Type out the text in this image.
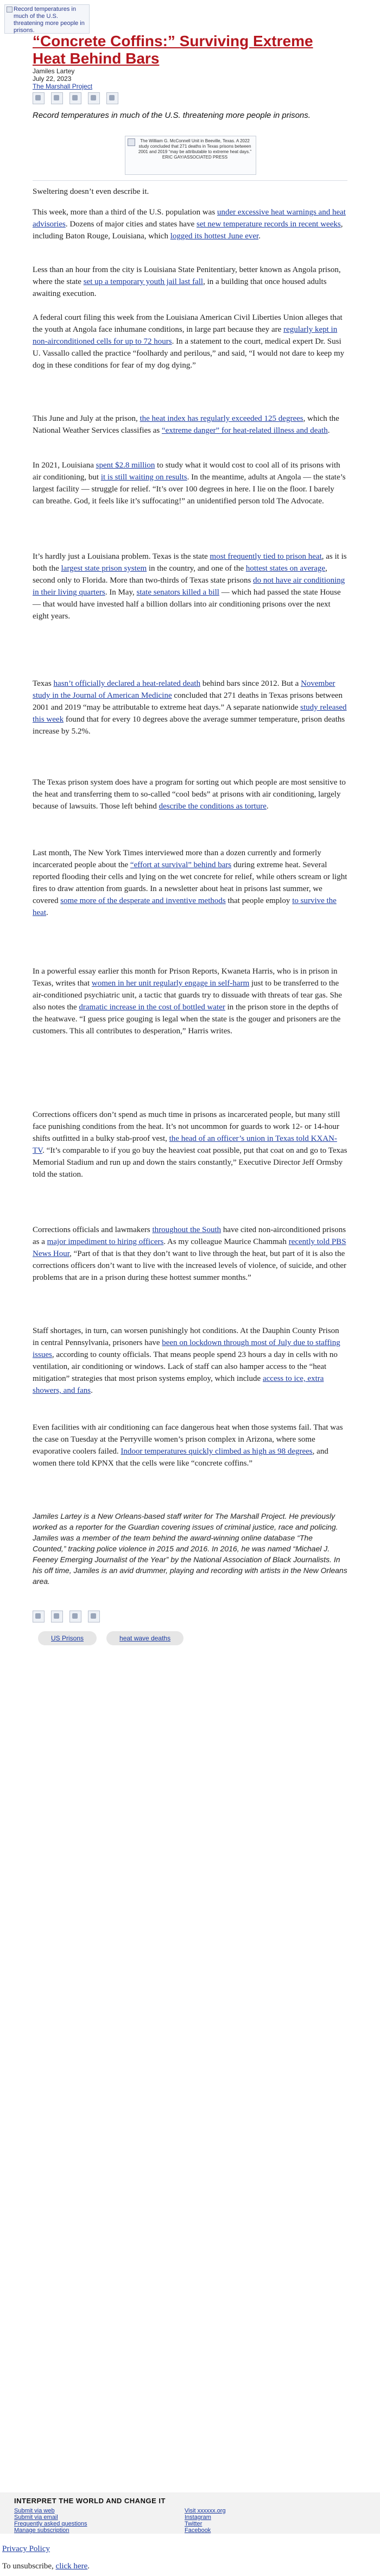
Record temperatures in much of the U.S. threatening more people in prisons.
“Concrete Coffins:” Surviving Extreme Heat Behind Bars
Jamiles Lartey
July 22, 2023
The Marshall Project
Record temperatures in much of the U.S. threatening more people in prisons.
The William G. McConnell Unit in Beeville, Texas. A 2022 study concluded that 271 deaths in Texas prisons between 2001 and 2019 “may be attributable to extreme heat days.” ERIC GAY/ASSOCIATED PRESS

Sweltering doesn’t even describe it.

This week, more than a third of the U.S. population was under excessive heat warnings and heat advisories. Dozens of major cities and states have set new temperature records in recent weeks, including Baton Rouge, Louisiana, which logged its hottest June ever.

Less than an hour from the city is Louisiana State Penitentiary, better known as Angola prison, where the state set up a temporary youth jail last fall, in a building that once housed adults awaiting execution.

A federal court filing this week from the Louisiana American Civil Liberties Union alleges that the youth at Angola face inhumane conditions, in large part because they are regularly kept in non-airconditioned cells for up to 72 hours. In a statement to the court, medical expert Dr. Susi U. Vassallo called the practice “foolhardy and perilous,” and said, “I would not dare to keep my dog in these conditions for fear of my dog dying.”

This June and July at the prison, the heat index has regularly exceeded 125 degrees, which the National Weather Services classifies as “extreme danger” for heat-related illness and death.

In 2021, Louisiana spent $2.8 million to study what it would cost to cool all of its prisons with air conditioning, but it is still waiting on results. In the meantime, adults at Angola — the state’s largest facility — struggle for relief. “It’s over 100 degrees in here. I lie on the floor. I barely can breathe. God, it feels like it’s suffocating!” an unidentified person told The Advocate.

It’s hardly just a Louisiana problem. Texas is the state most frequently tied to prison heat, as it is both the largest state prison system in the country, and one of the hottest states on average, second only to Florida. More than two-thirds of Texas state prisons do not have air conditioning in their living quarters. In May, state senators killed a bill — which had passed the state House — that would have invested half a billion dollars into air conditioning prisons over the next eight years.

Texas hasn’t officially declared a heat-related death behind bars since 2012. But a November study in the Journal of American Medicine concluded that 271 deaths in Texas prisons between 2001 and 2019 “may be attributable to extreme heat days.” A separate nationwide study released this week found that for every 10 degrees above the average summer temperature, prison deaths increase by 5.2%.

The Texas prison system does have a program for sorting out which people are most sensitive to the heat and transferring them to so-called “cool beds” at prisons with air conditioning, largely because of lawsuits. Those left behind describe the conditions as torture.

Last month, The New York Times interviewed more than a dozen currently and formerly incarcerated people about the “effort at survival” behind bars during extreme heat. Several reported flooding their cells and lying on the wet concrete for relief, while others scream or light fires to draw attention from guards. In a newsletter about heat in prisons last summer, we covered some more of the desperate and inventive methods that people employ to survive the heat.

In a powerful essay earlier this month for Prison Reports, Kwaneta Harris, who is in prison in Texas, writes that women in her unit regularly engage in self-harm just to be transferred to the air-conditioned psychiatric unit, a tactic that guards try to dissuade with threats of tear gas. She also notes the dramatic increase in the cost of bottled water in the prison store in the depths of the heatwave. “I guess price gouging is legal when the state is the gouger and prisoners are the customers. This all contributes to desperation,” Harris writes.

Corrections officers don’t spend as much time in prisons as incarcerated people, but many still face punishing conditions from the heat. It’s not uncommon for guards to work 12- or 14-hour shifts outfitted in a bulky stab-proof vest, the head of an officer’s union in Texas told KXAN-TV. “It’s comparable to if you go buy the heaviest coat possible, put that coat on and go to Texas Memorial Stadium and run up and down the stairs constantly,” Executive Director Jeff Ormsby told the station.

Corrections officials and lawmakers throughout the South have cited non-airconditioned prisons as a major impediment to hiring officers. As my colleague Maurice Chammah recently told PBS News Hour, “Part of that is that they don’t want to live through the heat, but part of it is also the corrections officers don’t want to live with the increased levels of violence, of suicide, and other problems that are in a prison during these hottest summer months.”

Staff shortages, in turn, can worsen punishingly hot conditions. At the Dauphin County Prison in central Pennsylvania, prisoners have been on lockdown through most of July due to staffing issues, according to county officials. That means people spend 23 hours a day in cells with no ventilation, air conditioning or windows. Lack of staff can also hamper access to the “heat mitigation” strategies that most prison systems employ, which include access to ice, extra showers, and fans.

Even facilities with air conditioning can face dangerous heat when those systems fail. That was the case on Tuesday at the Perryville women’s prison complex in Arizona, where some evaporative coolers failed. Indoor temperatures quickly climbed as high as 98 degrees, and women there told KPNX that the cells were like “concrete coffins.”

Jamiles Lartey is a New Orleans-based staff writer for The Marshall Project. He previously worked as a reporter for the Guardian covering issues of criminal justice, race and policing. Jamiles was a member of the team behind the award-winning online database “The Counted,” tracking police violence in 2015 and 2016. In 2016, he was named “Michael J. Feeney Emerging Journalist of the Year” by the National Association of Black Journalists. In his off time, Jamiles is an avid drummer, playing and recording with artists in the New Orleans area.

US Prisons	heat wave deaths
INTERPRET THE WORLD AND CHANGE IT
Submit via web
Submit via email
Frequently asked questions
Manage subscription
Visit xxxxxx.org
Instagram
Twitter
Facebook
Privacy Policy
To unsubscribe, click here.
